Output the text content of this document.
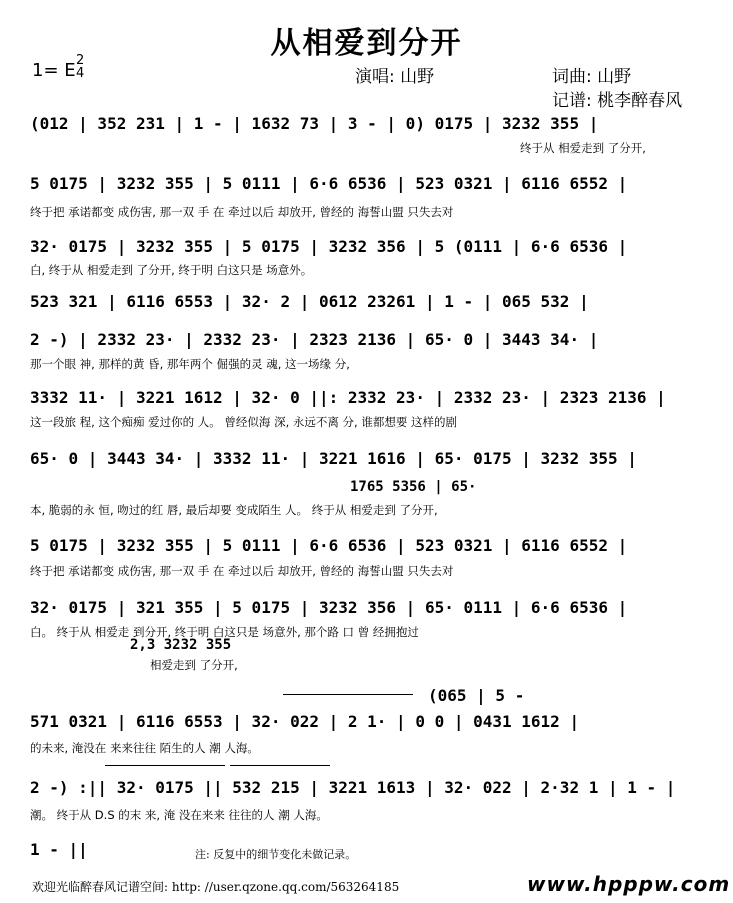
从相爱到分开
1= E 2
4	演唱: 山野	词曲: 山野
记谱: 桃李醉春风
(012 | 352 231 | 1 - | 1632 73 | 3 - | 0) 0175 | 3232 355 |
终于从 相爱走到 了分开,
5 0175 | 3232 355 | 5 0111 | 6·6 6536 | 523 0321 | 6116 6552 |
终于把 承诺都变 成伤害, 那一双 手 在 牵过以后 却放开, 曾经的 海誓山盟 只失去对
32· 0175 | 3232 355 | 5 0175 | 3232 356 | 5 (0111 | 6·6 6536 |
白, 终于从 相爱走到 了分开, 终于明 白这只是 场意外。
523 321 | 6116 6553 | 32· 2 | 0612 23261 | 1 - | 065 532 |
2 -) | 2332 23· | 2332 23· | 2323 2136 | 65· 0 | 3443 34· |
那一个眼 神, 那样的黄 昏, 那年两个 倔强的灵 魂, 这一场缘 分,
3332 11· | 3221 1612 | 32· 0 ||: 2332 23· | 2332 23· | 2323 2136 |
这一段旅 程, 这个痴痴 爱过你的 人。 曾经似海 深, 永远不离 分, 谁都想要 这样的剧
65· 0 | 3443 34· | 3332 11· | 3221 1616 | 65· 0175 | 3232 355 |
1765 5356 | 65·
本, 脆弱的永 恒, 吻过的红 唇, 最后却要 变成陌生 人。 终于从 相爱走到 了分开,
5 0175 | 3232 355 | 5 0111 | 6·6 6536 | 523 0321 | 6116 6552 |
终于把 承诺都变 成伤害, 那一双 手 在 牵过以后 却放开, 曾经的 海誓山盟 只失去对
32· 0175 | 321 355 | 5 0175 | 3232 356 | 65· 0111 | 6·6 6536 |
白。 终于从 相爱走 到分开, 终于明 白这只是 场意外, 那个路 口 曾 经拥抱过
2,3 3232 355
相爱走到 了分开,
(065 | 5 -
571 0321 | 6116 6553 | 32· 022 | 2 1· | 0 0 | 0431 1612 |
的未来, 淹没在 来来往往 陌生的人 潮 人海。
2 -) :|| 32· 0175 || 532 215 | 3221 1613 | 32· 022 | 2·32 1 | 1 - |
潮。 终于从 D.S 的末 来, 淹 没在来来 往往的人 潮 人海。
1 - ||	注: 反复中的细节变化未做记录。
欢迎光临醉春风记谱空间: http: //user.qzone.qq.com/563264185	www.hpppw.com
